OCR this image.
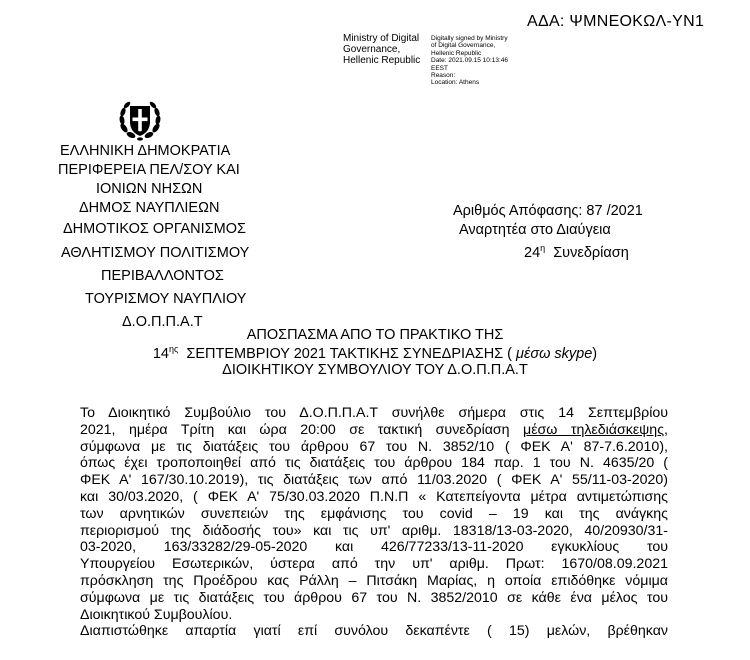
ΑΔΑ: ΨΜΝΕΟΚΩΛ-ΥΝ1
Ministry of Digital
Governance,
Hellenic Republic
Digitally signed by Ministry
of Digital Governance,
Hellenic Republic
Date: 2021.09.15 10:13:46
EEST
Reason:
Location: Athens
ΕΛΛΗΝΙΚΗ ΔΗΜΟΚΡΑΤΙΑ
ΠΕΡΙΦΕΡΕΙΑ ΠΕΛ/ΣΟΥ ΚΑΙ
ΙΟΝΙΩΝ ΝΗΣΩΝ
ΔΗΜΟΣ ΝΑΥΠΛΙΕΩΝ
ΔΗΜΟΤΙΚΟΣ ΟΡΓΑΝΙΣΜΟΣ
ΑΘΛΗΤΙΣΜΟΥ ΠΟΛΙΤΙΣΜΟΥ
ΠΕΡΙΒΑΛΛΟΝΤΟΣ
ΤΟΥΡΙΣΜΟΥ ΝΑΥΠΛΙΟΥ
Δ.Ο.Π.Π.Α.Τ
Αριθμός Απόφασης: 87 /2021
Αναρτητέα στο Διαύγεια
$24^\eta$ Συνεδρίαση
ΑΠΟΣΠΑΣΜΑ ΑΠΟ ΤΟ ΠΡΑΚΤΙΚΟ ΤΗΣ
$14^{\eta\varsigma}$ ΣΕΠΤΕΜΒΡΙΟΥ 2021 ΤΑΚΤΙΚΗΣ ΣΥΝΕΔΡΙΑΣΗΣ ( μέσω skype)
ΔΙΟΙΚΗΤΙΚΟΥ ΣΥΜΒΟΥΛΙΟΥ ΤΟΥ Δ.Ο.Π.Π.Α.Τ
Το Διοικητικό Συμβούλιο του Δ.Ο.Π.Π.Α.Τ συνήλθε σήμερα στις 14 Σεπτεμβρίου
2021, ημέρα Τρίτη και ώρα 20:00 σε τακτική συνεδρίαση μέσω τηλεδιάσκεψης,
σύμφωνα με τις διατάξεις του άρθρου 67 του Ν. 3852/10 ( ΦΕΚ Α' 87-7.6.2010),
όπως έχει τροποποιηθεί από τις διατάξεις του άρθρου 184 παρ. 1 του Ν. 4635/20 (
ΦΕΚ Α' 167/30.10.2019), τις διατάξεις των από 11/03.2020 ( ΦΕΚ Α' 55/11-03-2020)
και 30/03.2020, ( ΦΕΚ Α' 75/30.03.2020 Π.Ν.Π « Κατεπείγοντα μέτρα αντιμετώπισης
των αρνητικών συνεπειών της εμφάνισης του covid – 19 και της ανάγκης
περιορισμού της διάδοσής του» και τις υπ' αριθμ. 18318/13-03-2020, 40/20930/31-
03-2020, 163/33282/29-05-2020 και 426/77233/13-11-2020 εγκυκλίους του
Υπουργείου Εσωτερικών, ύστερα από την υπ' αριθμ. Πρωτ: 1670/08.09.2021
πρόσκληση της Προέδρου κας Ράλλη – Πιτσάκη Μαρίας, η οποία επιδόθηκε νόμιμα
σύμφωνα με τις διατάξεις του άρθρου 67 του Ν. 3852/2010 σε κάθε ένα μέλος του
Διοικητικού Συμβουλίου.
Διαπιστώθηκε απαρτία γιατί επί συνόλου δεκαπέντε ( 15) μελών, βρέθηκαν
